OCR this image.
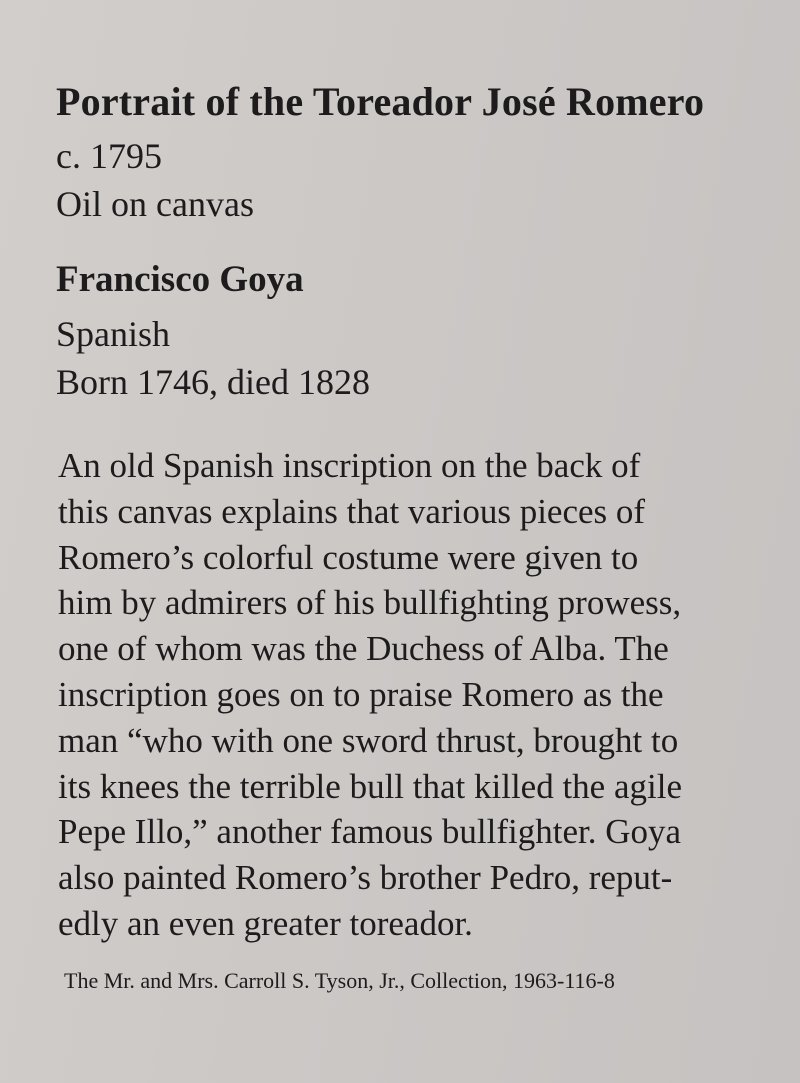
Portrait of the Toreador José Romero
c. 1795
Oil on canvas
Francisco Goya
Spanish
Born 1746, died 1828
An old Spanish inscription on the back of
this canvas explains that various pieces of
Romero’s colorful costume were given to
him by admirers of his bullfighting prowess,
one of whom was the Duchess of Alba. The
inscription goes on to praise Romero as the
man “who with one sword thrust, brought to
its knees the terrible bull that killed the agile
Pepe Illo,” another famous bullfighter. Goya
also painted Romero’s brother Pedro, reput-
edly an even greater toreador.
The Mr. and Mrs. Carroll S. Tyson, Jr., Collection, 1963-116-8
